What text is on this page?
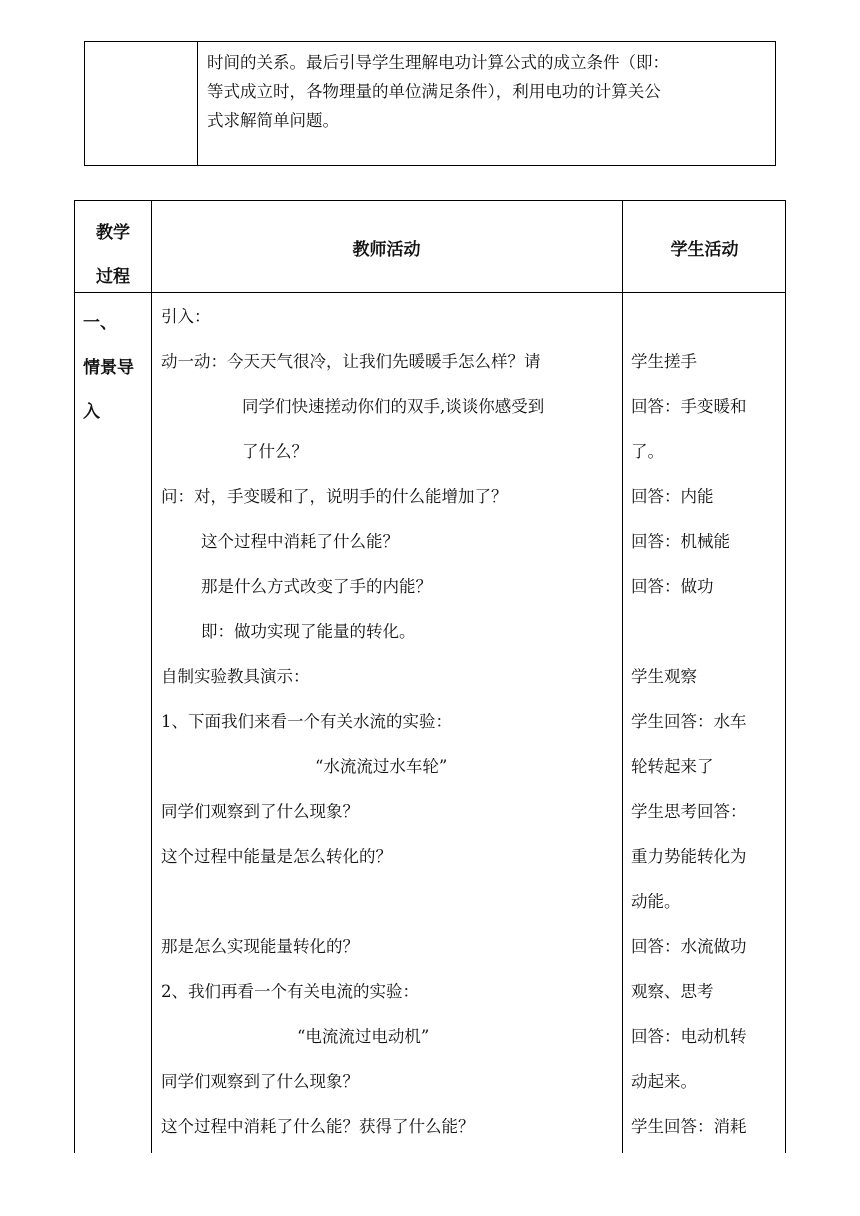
时间的关系。最后引导学生理解电功计算公式的成立条件（即：
等式成立时，各物理量的单位满足条件），利用电功的计算关公
式求解简单问题。
教学
过程
教师活动	学生活动
一、
情景导
入
引入：
动一动：今天天气很冷，让我们先暖暖手怎么样？请
同学们快速搓动你们的双手,谈谈你感受到
了什么？
问：对，手变暖和了，说明手的什么能增加了？
这个过程中消耗了什么能？
那是什么方式改变了手的内能？
即：做功实现了能量的转化。
自制实验教具演示：
1、下面我们来看一个有关水流的实验：
“水流流过水车轮”
同学们观察到了什么现象？
这个过程中能量是怎么转化的？
那是怎么实现能量转化的？
2、我们再看一个有关电流的实验：
“电流流过电动机”
同学们观察到了什么现象？
这个过程中消耗了什么能？获得了什么能？
学生搓手
回答：手变暖和
了。
回答：内能
回答：机械能
回答：做功
学生观察
学生回答：水车
轮转起来了
学生思考回答：
重力势能转化为
动能。
回答：水流做功
观察、思考
回答：电动机转
动起来。
学生回答：消耗
